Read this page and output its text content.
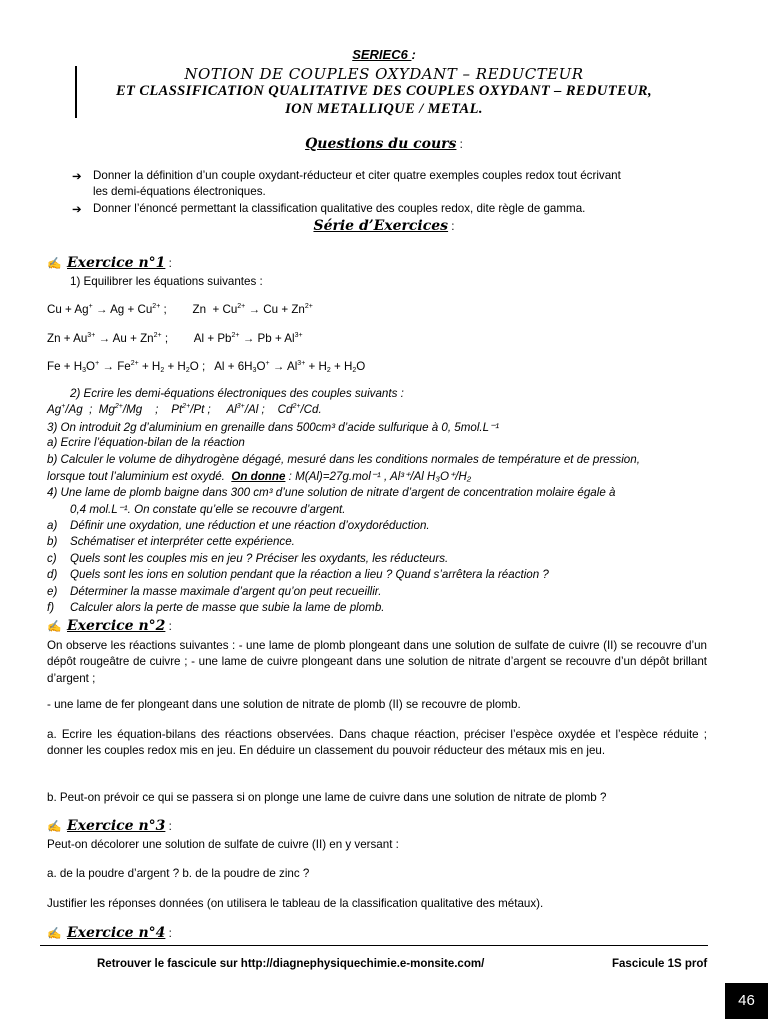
SERIEC6 :
NOTION DE COUPLES OXYDANT – REDUCTEUR
ET CLASSIFICATION QUALITATIVE DES COUPLES OXYDANT – REDUTEUR,
ION METALLIQUE / METAL.
Questions du cours :
➔ Donner la définition d’un couple oxydant-réducteur et citer quatre exemples couples redox tout écrivant
les demi-équations électroniques.
➔ Donner l’énoncé permettant la classification qualitative des couples redox, dite règle de gamma.
Série d’Exercices :
✍ Exercice n°1 :
1) Equilibrer les équations suivantes :
$Cu + Ag^+ \to Ag + Cu^{2+}$ ;        $Zn + Cu^{2+} \to Cu + Zn^{2+}$
$Zn + Au^{3+} \to Au + Zn^{2+}$ ;        $Al + Pb^{2+} \to Pb + Al^{3+}$
$Fe + H_3O^+ \to Fe^{2+} + H_2 + H_2O$ ;   $Al + 6H_3O^+ \to Al^{3+} + H_2 + H_2O$
2) Ecrire les demi-équations électroniques des couples suivants :
Ag+/Ag  ;  $Mg^{2+}/Mg$    ;    $Pt^{2+}/Pt$ ;     $Al^{3+}/Al$ ;    $Cd^{2+}/Cd$.
3) On introduit 2g d’aluminium en grenaille dans 500cm³ d’acide sulfurique à 0, 5mol.L⁻¹
a) Ecrire l’équation-bilan de la réaction
b) Calculer le volume de dihydrogène dégagé, mesuré dans les conditions normales de température et de pression,
lorsque tout l’aluminium est oxydé. On donne : M(Al)=27g.mol⁻¹ , Al³⁺/Al H₃O⁺/H₂
4) Une lame de plomb baigne dans 300 cm³ d’une solution de nitrate d’argent de concentration molaire égale à
0,4 mol.L⁻¹. On constate qu’elle se recouvre d’argent.
a) Définir une oxydation, une réduction et une réaction d’oxydoréduction.
b) Schématiser et interpréter cette expérience.
c) Quels sont les couples mis en jeu ? Préciser les oxydants, les réducteurs.
d) Quels sont les ions en solution pendant que la réaction a lieu ? Quand s’arrêtera la réaction ?
e) Déterminer la masse maximale d’argent qu’on peut recueillir.
f) Calculer alors la perte de masse que subie la lame de plomb.
✍ Exercice n°2 :
On observe les réactions suivantes : - une lame de plomb plongeant dans une solution de sulfate de cuivre (II) se recouvre d’un dépôt rougeâtre de cuivre ; - une lame de cuivre plongeant dans une solution de nitrate d’argent se recouvre d’un dépôt brillant d’argent ;
- une lame de fer plongeant dans une solution de nitrate de plomb (II) se recouvre de plomb.
a. Ecrire les équation-bilans des réactions observées. Dans chaque réaction, préciser l’espèce oxydée et l’espèce réduite ; donner les couples redox mis en jeu. En déduire un classement du pouvoir réducteur des métaux mis en jeu.
b. Peut-on prévoir ce qui se passera si on plonge une lame de cuivre dans une solution de nitrate de plomb ?
✍ Exercice n°3 :
Peut-on décolorer une solution de sulfate de cuivre (II) en y versant :
a. de la poudre d’argent ? b. de la poudre de zinc ?
Justifier les réponses données (on utilisera le tableau de la classification qualitative des métaux).
✍ Exercice n°4 :
Retrouver le fascicule sur http://diagnephysiquechimie.e-monsite.com/	Fascicule 1S prof
46
